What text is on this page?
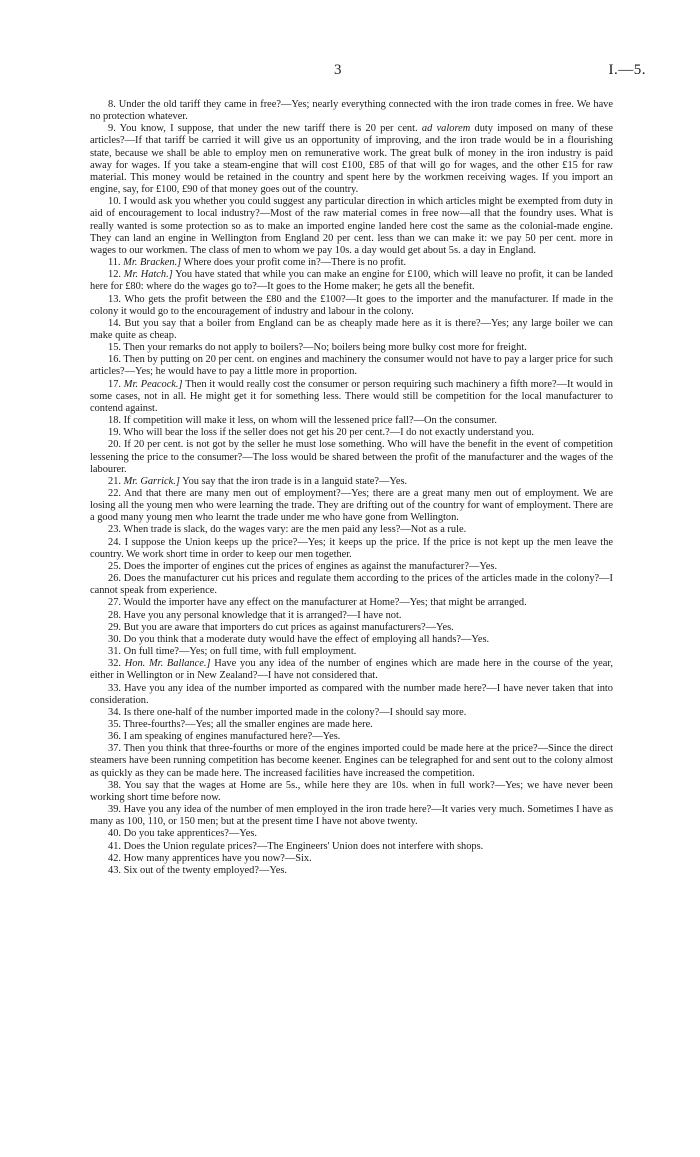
3	I.—5.

8. Under the old tariff they came in free?—Yes; nearly everything connected with the iron trade comes in free. We have no protection whatever.

9. You know, I suppose, that under the new tariff there is 20 per cent. ad valorem duty imposed on many of these articles?—If that tariff be carried it will give us an opportunity of improving, and the iron trade would be in a flourishing state, because we shall be able to employ men on remunerative work. The great bulk of money in the iron industry is paid away for wages. If you take a steam-engine that will cost £100, £85 of that will go for wages, and the other £15 for raw material. This money would be retained in the country and spent here by the workmen receiving wages. If you import an engine, say, for £100, £90 of that money goes out of the country.

10. I would ask you whether you could suggest any particular direction in which articles might be exempted from duty in aid of encouragement to local industry?—Most of the raw material comes in free now—all that the foundry uses. What is really wanted is some protection so as to make an imported engine landed here cost the same as the colonial-made engine. They can land an engine in Wellington from England 20 per cent. less than we can make it: we pay 50 per cent. more in wages to our workmen. The class of men to whom we pay 10s. a day would get about 5s. a day in England.

11. Mr. Bracken.] Where does your profit come in?—There is no profit.

12. Mr. Hatch.] You have stated that while you can make an engine for £100, which will leave no profit, it can be landed here for £80: where do the wages go to?—It goes to the Home maker; he gets all the benefit.

13. Who gets the profit between the £80 and the £100?—It goes to the importer and the manufacturer. If made in the colony it would go to the encouragement of industry and labour in the colony.

14. But you say that a boiler from England can be as cheaply made here as it is there?—Yes; any large boiler we can make quite as cheap.

15. Then your remarks do not apply to boilers?—No; boilers being more bulky cost more for freight.

16. Then by putting on 20 per cent. on engines and machinery the consumer would not have to pay a larger price for such articles?—Yes; he would have to pay a little more in proportion.

17. Mr. Peacock.] Then it would really cost the consumer or person requiring such machinery a fifth more?—It would in some cases, not in all. He might get it for something less. There would still be competition for the local manufacturer to contend against.

18. If competition will make it less, on whom will the lessened price fall?—On the consumer.

19. Who will bear the loss if the seller does not get his 20 per cent.?—I do not exactly understand you.

20. If 20 per cent. is not got by the seller he must lose something. Who will have the benefit in the event of competition lessening the price to the consumer?—The loss would be shared between the profit of the manufacturer and the wages of the labourer.

21. Mr. Garrick.] You say that the iron trade is in a languid state?—Yes.

22. And that there are many men out of employment?—Yes; there are a great many men out of employment. We are losing all the young men who were learning the trade. They are drifting out of the country for want of employment. There are a good many young men who learnt the trade under me who have gone from Wellington.

23. When trade is slack, do the wages vary: are the men paid any less?—Not as a rule.

24. I suppose the Union keeps up the price?—Yes; it keeps up the price. If the price is not kept up the men leave the country. We work short time in order to keep our men together.

25. Does the importer of engines cut the prices of engines as against the manufacturer?—Yes.

26. Does the manufacturer cut his prices and regulate them according to the prices of the articles made in the colony?—I cannot speak from experience.

27. Would the importer have any effect on the manufacturer at Home?—Yes; that might be arranged.

28. Have you any personal knowledge that it is arranged?—I have not.

29. But you are aware that importers do cut prices as against manufacturers?—Yes.

30. Do you think that a moderate duty would have the effect of employing all hands?—Yes.

31. On full time?—Yes; on full time, with full employment.

32. Hon. Mr. Ballance.] Have you any idea of the number of engines which are made here in the course of the year, either in Wellington or in New Zealand?—I have not considered that.

33. Have you any idea of the number imported as compared with the number made here?—I have never taken that into consideration.

34. Is there one-half of the number imported made in the colony?—I should say more.

35. Three-fourths?—Yes; all the smaller engines are made here.

36. I am speaking of engines manufactured here?—Yes.

37. Then you think that three-fourths or more of the engines imported could be made here at the price?—Since the direct steamers have been running competition has become keener. Engines can be telegraphed for and sent out to the colony almost as quickly as they can be made here. The increased facilities have increased the competition.

38. You say that the wages at Home are 5s., while here they are 10s. when in full work?—Yes; we have never been working short time before now.

39. Have you any idea of the number of men employed in the iron trade here?—It varies very much. Sometimes I have as many as 100, 110, or 150 men; but at the present time I have not above twenty.

40. Do you take apprentices?—Yes.

41. Does the Union regulate prices?—The Engineers' Union does not interfere with shops.

42. How many apprentices have you now?—Six.

43. Six out of the twenty employed?—Yes.
